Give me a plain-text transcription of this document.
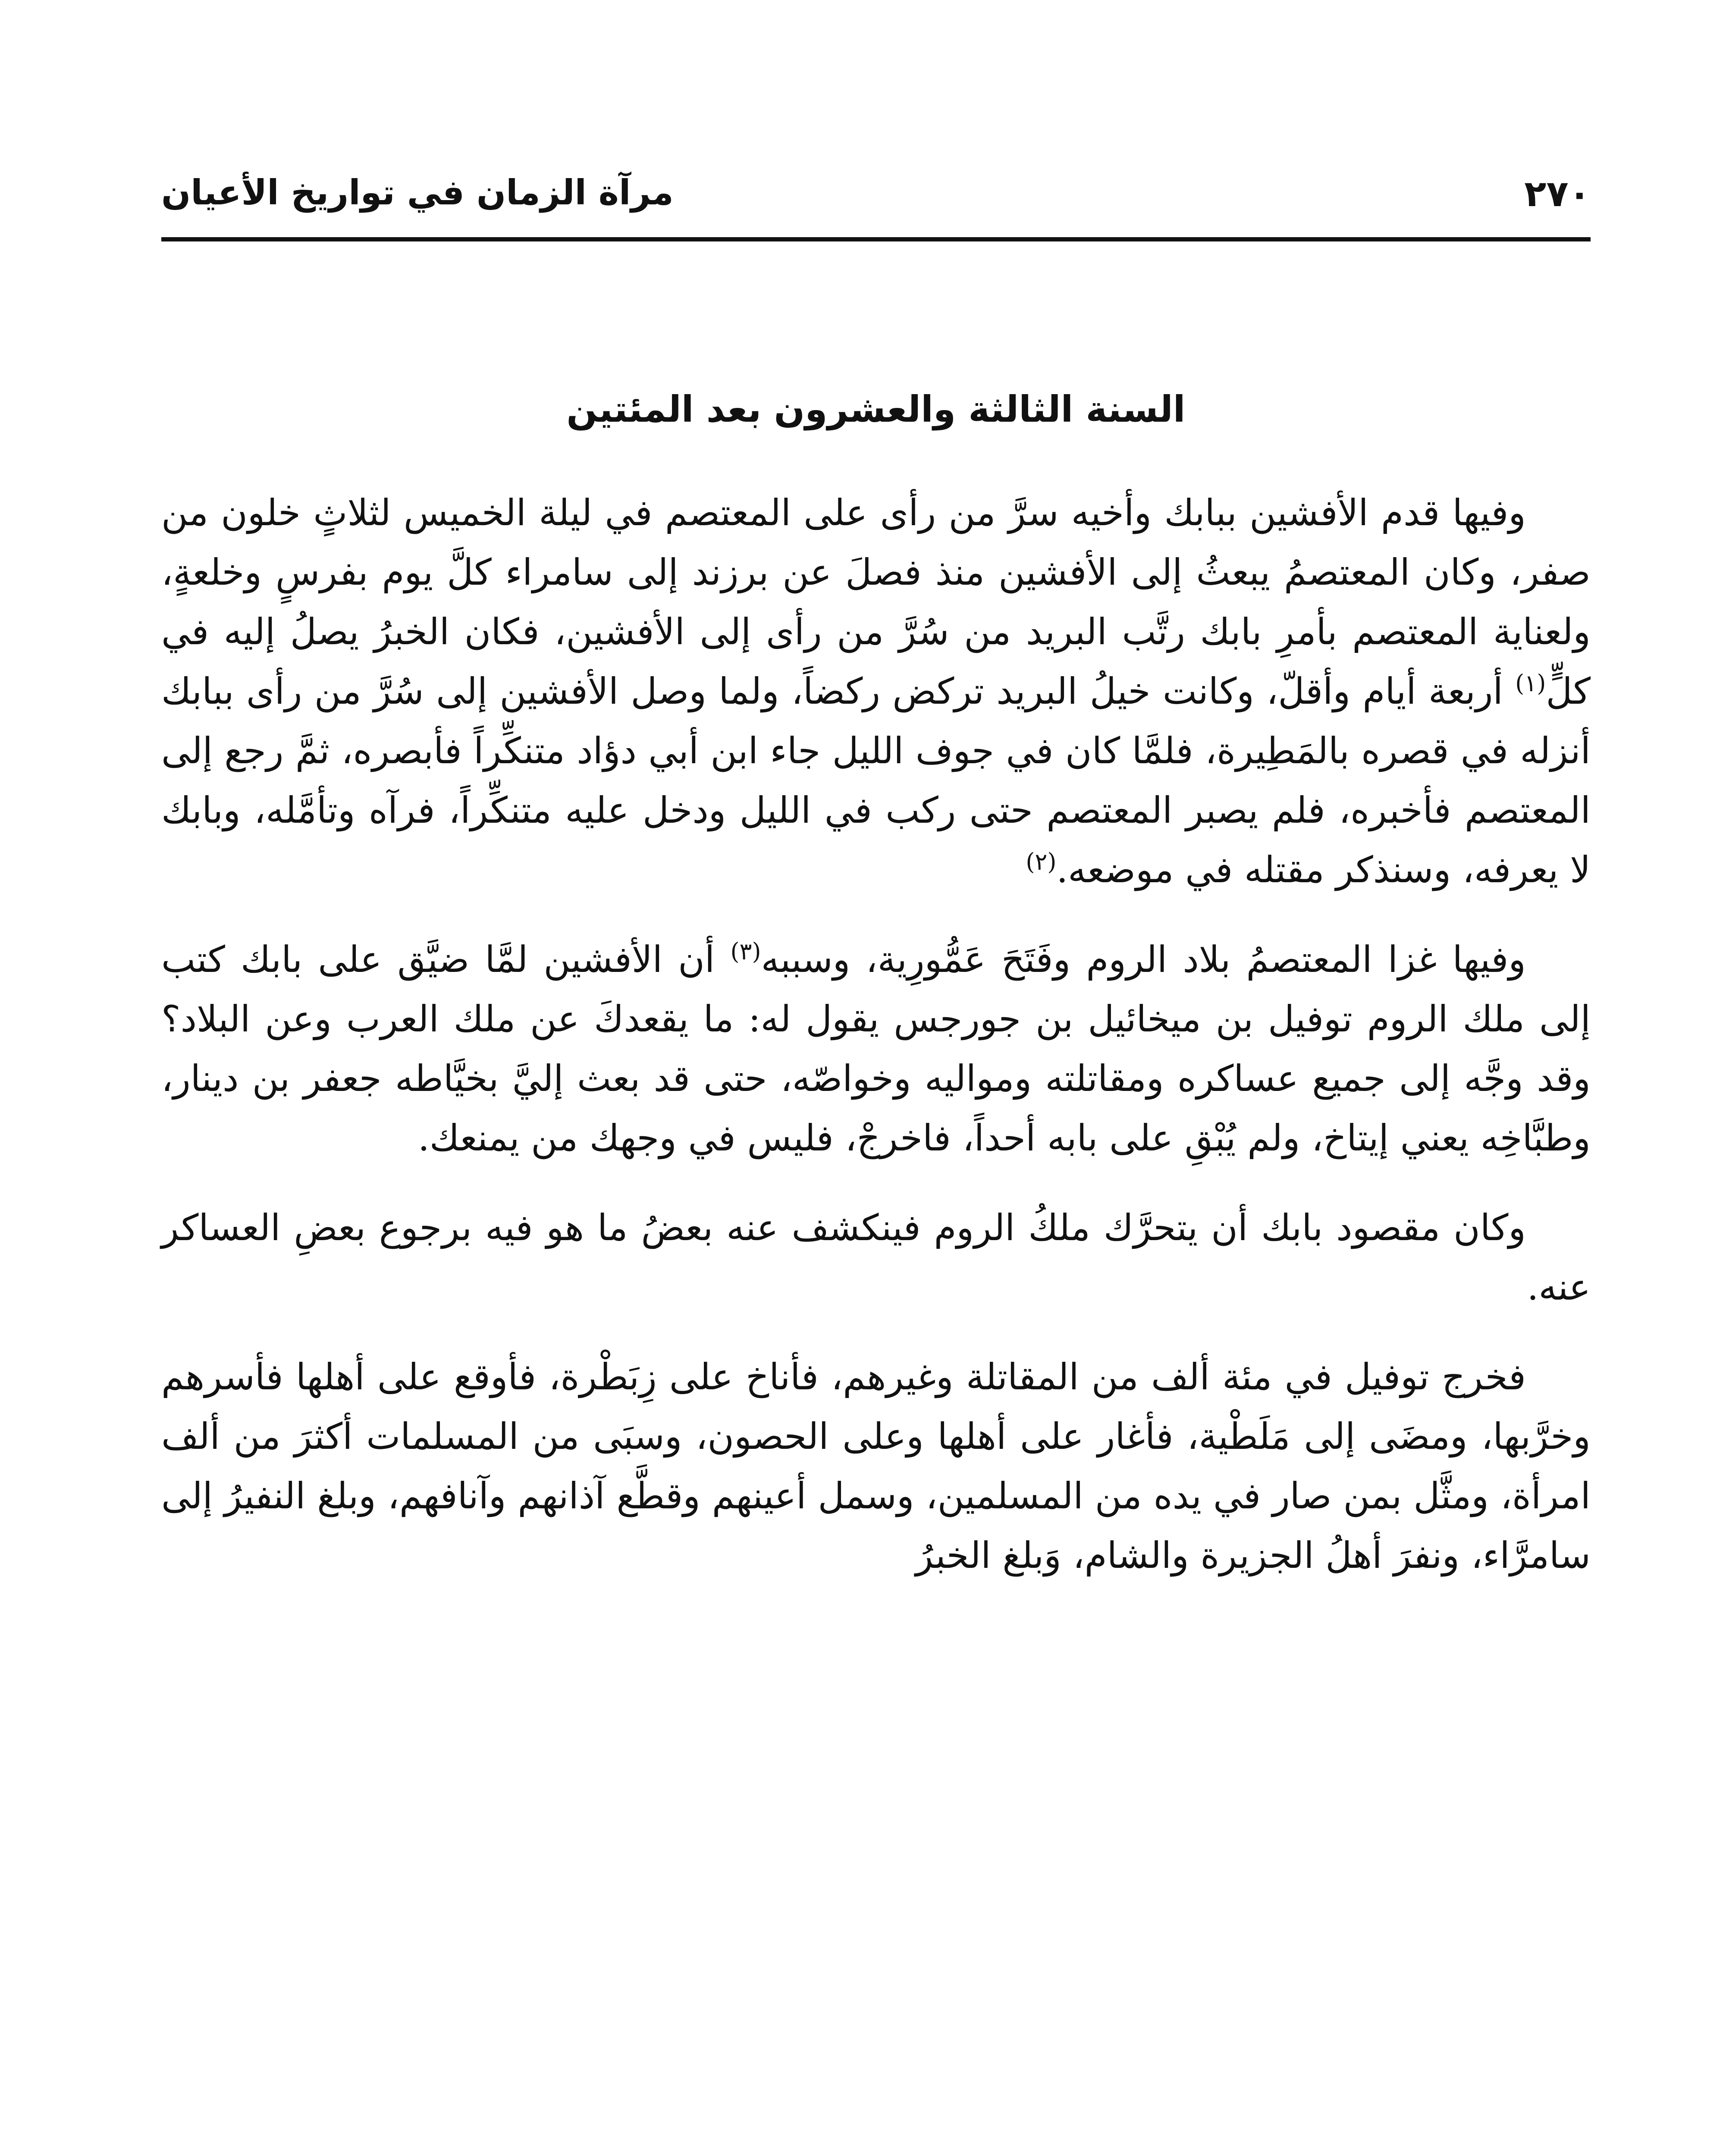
٢٧٠
مرآة الزمان في تواريخ الأعيان
السنة الثالثة والعشرون بعد المئتين

وفيها قدم الأفشين ببابك وأخيه سرَّ من رأى على المعتصم في ليلة الخميس لثلاثٍ خلون من صفر، وكان المعتصمُ يبعثُ إلى الأفشين منذ فصلَ عن برزند إلى سامراء كلَّ يوم بفرسٍ وخلعةٍ، ولعناية المعتصم بأمرِ بابك رتَّب البريد من سُرَّ من رأى إلى الأفشين، فكان الخبرُ يصلُ إليه في كلٍّ$^{(١)}$ أربعة أيام وأقلّ، وكانت خيلُ البريد تركض ركضاً، ولما وصل الأفشين إلى سُرَّ من رأى ببابك أنزله في قصره بالمَطِيرة، فلمَّا كان في جوف الليل جاء ابن أبي دؤاد متنكِّراً فأبصره، ثمَّ رجع إلى المعتصم فأخبره، فلم يصبر المعتصم حتى ركب في الليل ودخل عليه متنكِّراً، فرآه وتأمَّله، وبابك لا يعرفه، وسنذكر مقتله في موضعه.$^{(٢)}$

وفيها غزا المعتصمُ بلاد الروم وفَتَحَ عَمُّورِية، وسببه$^{(٣)}$ أن الأفشين لمَّا ضيَّق على بابك كتب إلى ملك الروم توفيل بن ميخائيل بن جورجس يقول له: ما يقعدكَ عن ملك العرب وعن البلاد؟ وقد وجَّه إلى جميع عساكره ومقاتلته ومواليه وخواصّه، حتى قد بعث إليَّ بخيَّاطه جعفر بن دينار، وطبَّاخِه يعني إيتاخ، ولم يُبْقِ على بابه أحداً، فاخرجْ، فليس في وجهك من يمنعك.

وكان مقصود بابك أن يتحرَّك ملكُ الروم فينكشف عنه بعضُ ما هو فيه برجوع بعضِ العساكر عنه.

فخرج توفيل في مئة ألف من المقاتلة وغيرهم، فأناخ على زِبَطْرة، فأوقع على أهلها فأسرهم وخرَّبها، ومضَى إلى مَلَطْية، فأغار على أهلها وعلى الحصون، وسبَى من المسلمات أكثرَ من ألف امرأة، ومثَّل بمن صار في يده من المسلمين، وسمل أعينهم وقطَّع آذانهم وآنافهم، وبلغ النفيرُ إلى سامرَّاء، ونفرَ أهلُ الجزيرة والشام، وَبلغ الخبرُ
